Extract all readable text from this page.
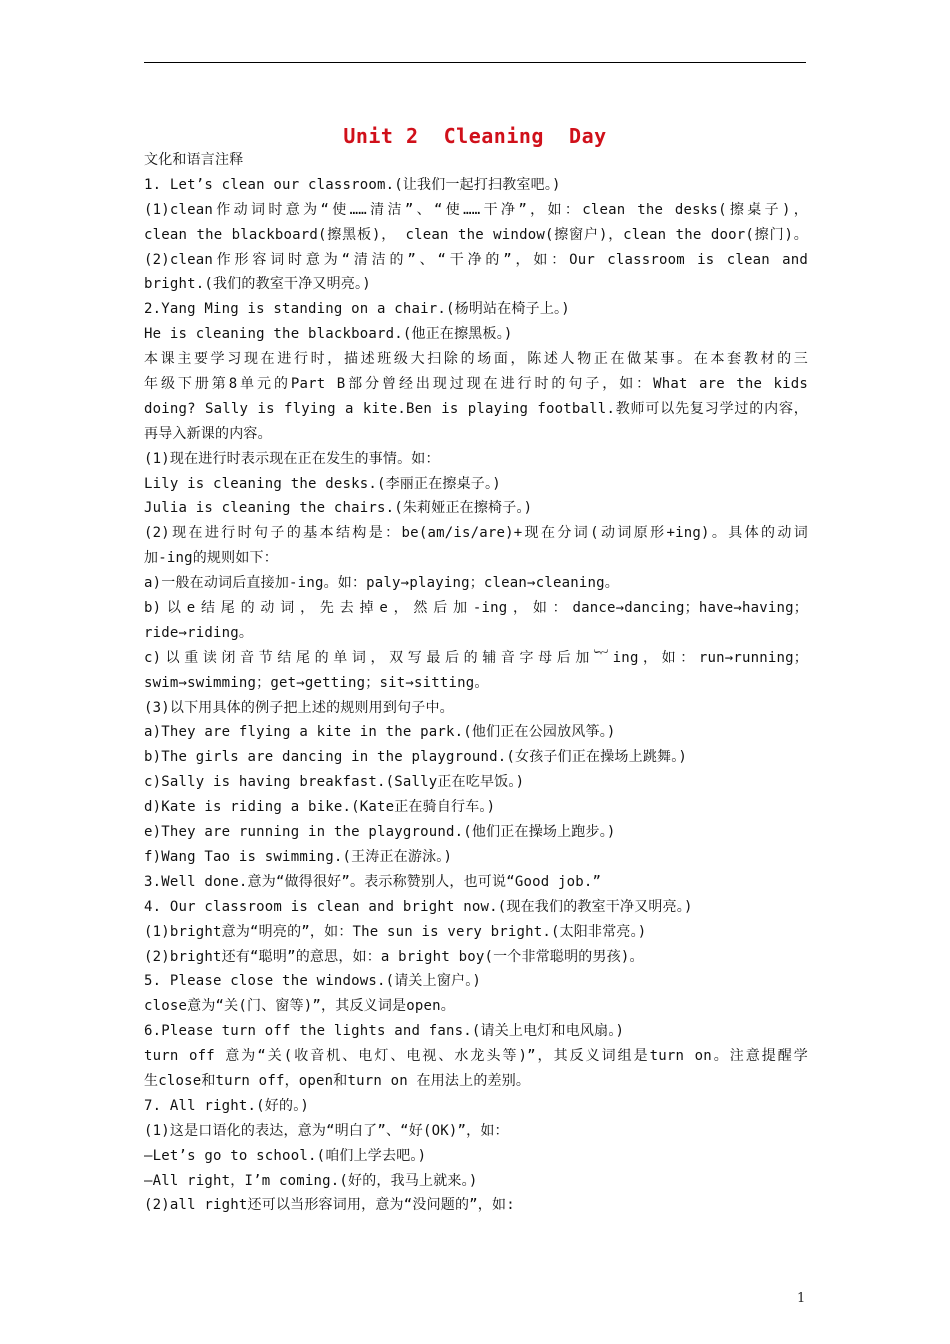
Unit 2  Cleaning  Day
文化和语言注释
1. Let’s clean our classroom.(让我们一起打扫教室吧。)
(1)clean作动词时意为“使……清洁”、“使……干净”，如：clean the desks(擦桌子)，
clean the blackboard(擦黑板)， clean the window(擦窗户)，clean the door(擦门)。
(2)clean作形容词时意为“清洁的”、“干净的”，如：Our classroom is clean and
bright.(我们的教室干净又明亮。)
2.Yang Ming is standing on a chair.(杨明站在椅子上。)
He is cleaning the blackboard.(他正在擦黑板。)
本课主要学习现在进行时，描述班级大扫除的场面，陈述人物正在做某事。在本套教材的三
年级下册第8单元的Part B部分曾经出现过现在进行时的句子，如：What are the kids
doing? Sally is flying a kite.Ben is playing football.教师可以先复习学过的内容，
再导入新课的内容。
(1)现在进行时表示现在正在发生的事情。如：
Lily is cleaning the desks.(李丽正在擦桌子。)
Julia is cleaning the chairs.(朱莉娅正在擦椅子。)
(2)现在进行时句子的基本结构是：be(am/is/are)+现在分词(动词原形+ing)。具体的动词
加-ing的规则如下：
a)一般在动词后直接加-ing。如：paly→playing；clean→cleaning。
b)以e结尾的动词，先去掉e，然后加-ing，如：dance→dancing；have→having；
ride→riding。
c)以重读闭音节结尾的单词，双写最后的辅音字母后加︸ing，如：run→running；
swim→swimming；get→getting；sit→sitting。
(3)以下用具体的例子把上述的规则用到句子中。
a)They are flying a kite in the park.(他们正在公园放风筝。)
b)The girls are dancing in the playground.(女孩子们正在操场上跳舞。)
c)Sally is having breakfast.(Sally正在吃早饭。)
d)Kate is riding a bike.(Kate正在骑自行车。)
e)They are running in the playground.(他们正在操场上跑步。)
f)Wang Tao is swimming.(王涛正在游泳。)
3.Well done.意为“做得很好”。表示称赞别人，也可说“Good job.”
4. Our classroom is clean and bright now.(现在我们的教室干净又明亮。)
(1)bright意为“明亮的”，如：The sun is very bright.(太阳非常亮。)
(2)bright还有“聪明”的意思，如：a bright boy(一个非常聪明的男孩)。
5. Please close the windows.(请关上窗户。)
close意为“关(门、窗等)”，其反义词是open。
6.Please turn off the lights and fans.(请关上电灯和电风扇。)
turn off 意为“关(收音机、电灯、电视、水龙头等)”，其反义词组是turn on。注意提醒学
生close和turn off，open和turn on 在用法上的差别。
7. All right.(好的。)
(1)这是口语化的表达，意为“明白了”、“好(OK)”，如：
—Let’s go to school.(咱们上学去吧。)
—All right，I’m coming.(好的，我马上就来。)
(2)all right还可以当形容词用，意为“没问题的”，如:
1
